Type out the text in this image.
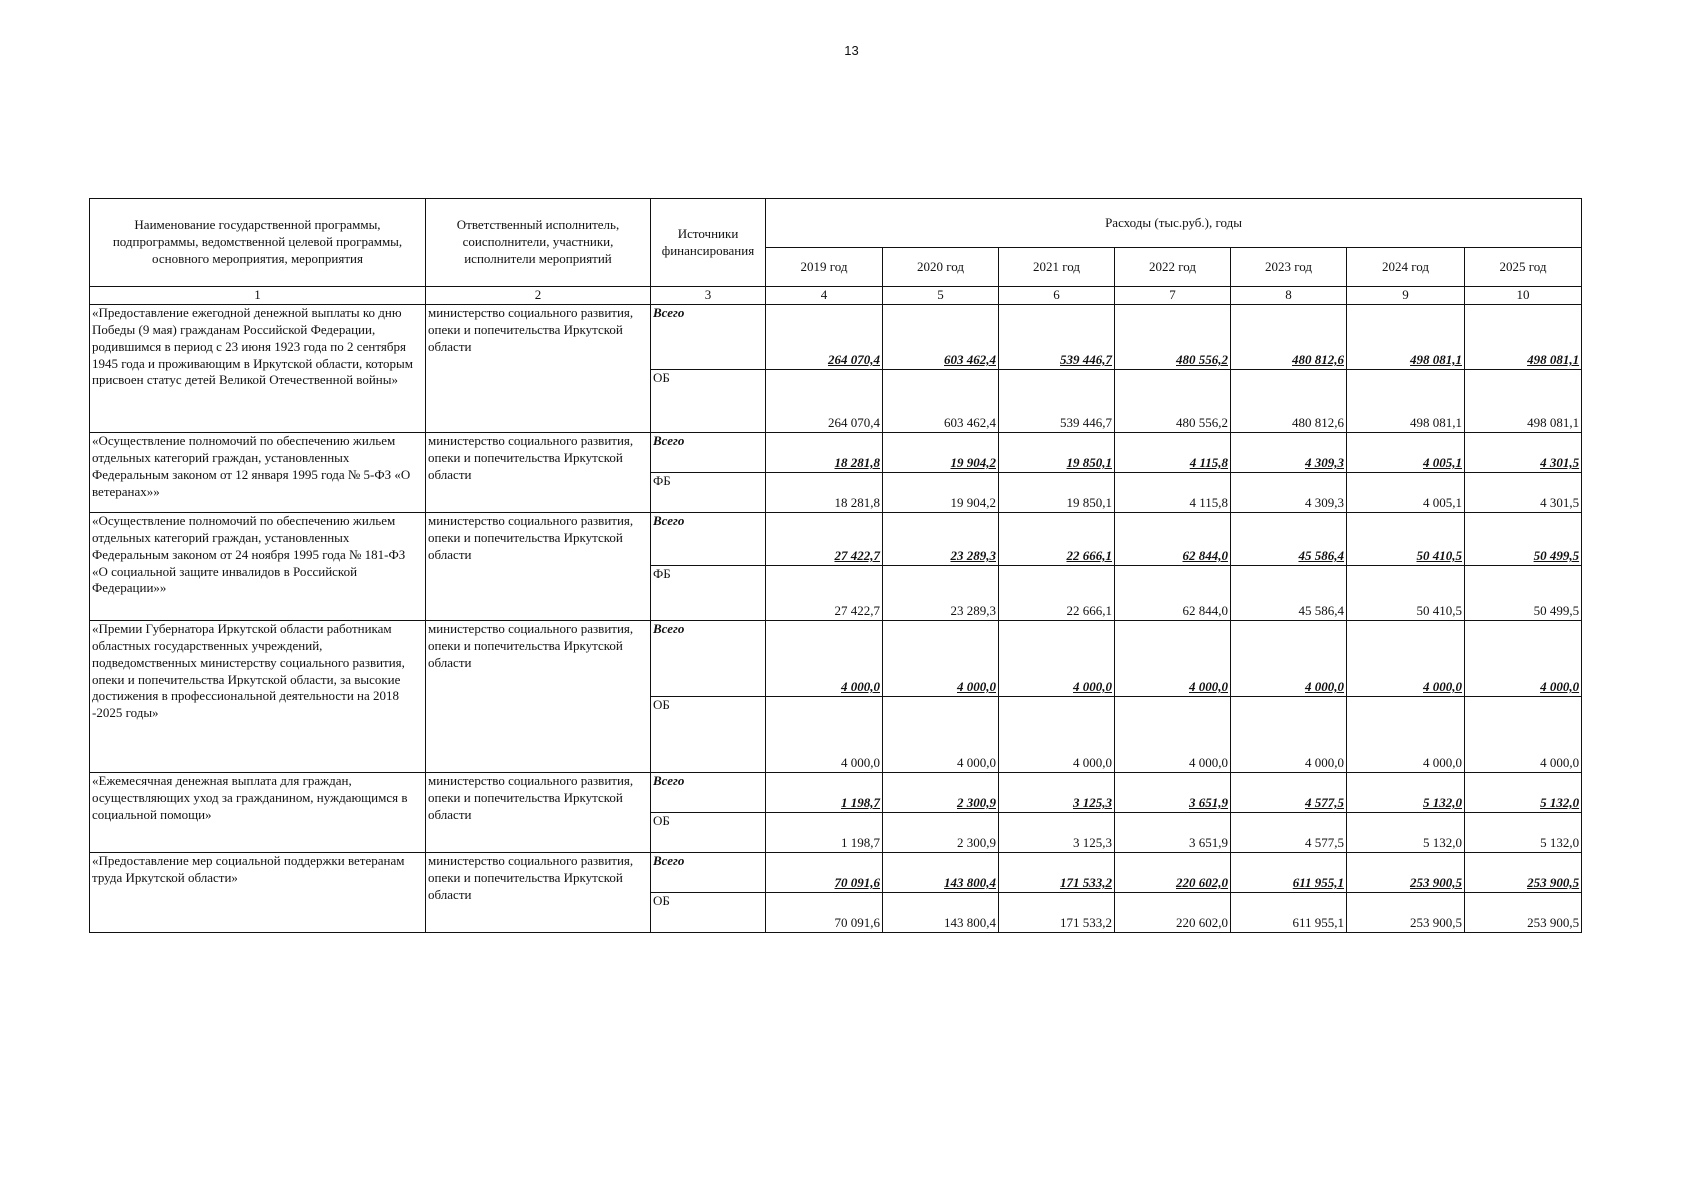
13
Наименование государственной программы, подпрограммы, ведомственной целевой программы, основного мероприятия, мероприятия	Ответственный исполнитель, соисполнители, участники, исполнители мероприятий	Источники финансирования	Расходы (тыс.руб.), годы						
			2019 год	2020 год	2021 год	2022 год	2023 год	2024 год	2025 год
1	2	3	4	5	6	7	8	9	10
«Предоставление ежегодной денежной выплаты ко дню Победы (9 мая) гражданам Российской Федерации, родившимся в период с 23 июня 1923 года по 2 сентября 1945 года и проживающим в Иркутской области, которым присвоен статус детей Великой Отечественной войны»	министерство социального развития, опеки и попечительства Иркутской области	Всего	264 070,4	603 462,4	539 446,7	480 556,2	480 812,6	498 081,1	498 081,1
		ОБ	264 070,4	603 462,4	539 446,7	480 556,2	480 812,6	498 081,1	498 081,1
«Осуществление полномочий по обеспечению жильем отдельных категорий граждан, установленных Федеральным законом от 12 января 1995 года № 5-ФЗ «О ветеранах»»	министерство социального развития, опеки и попечительства Иркутской области	Всего	18 281,8	19 904,2	19 850,1	4 115,8	4 309,3	4 005,1	4 301,5
		ФБ	18 281,8	19 904,2	19 850,1	4 115,8	4 309,3	4 005,1	4 301,5
«Осуществление полномочий по обеспечению жильем отдельных категорий граждан, установленных Федеральным законом от 24 ноября 1995 года № 181-ФЗ «О социальной защите инвалидов в Российской Федерации»»	министерство социального развития, опеки и попечительства Иркутской области	Всего	27 422,7	23 289,3	22 666,1	62 844,0	45 586,4	50 410,5	50 499,5
		ФБ	27 422,7	23 289,3	22 666,1	62 844,0	45 586,4	50 410,5	50 499,5
«Премии Губернатора Иркутской области работникам областных государственных учреждений, подведомственных министерству социального развития, опеки и попечительства Иркутской области, за высокие достижения в профессиональной деятельности на 2018 -2025 годы»	министерство социального развития, опеки и попечительства Иркутской области	Всего	4 000,0	4 000,0	4 000,0	4 000,0	4 000,0	4 000,0	4 000,0
		ОБ	4 000,0	4 000,0	4 000,0	4 000,0	4 000,0	4 000,0	4 000,0
«Ежемесячная денежная выплата для граждан, осуществляющих уход за гражданином, нуждающимся в социальной помощи»	министерство социального развития, опеки и попечительства Иркутской области	Всего	1 198,7	2 300,9	3 125,3	3 651,9	4 577,5	5 132,0	5 132,0
		ОБ	1 198,7	2 300,9	3 125,3	3 651,9	4 577,5	5 132,0	5 132,0
«Предоставление мер социальной поддержки ветеранам труда Иркутской области»	министерство социального развития, опеки и попечительства Иркутской области	Всего	70 091,6	143 800,4	171 533,2	220 602,0	611 955,1	253 900,5	253 900,5
		ОБ	70 091,6	143 800,4	171 533,2	220 602,0	611 955,1	253 900,5	253 900,5
